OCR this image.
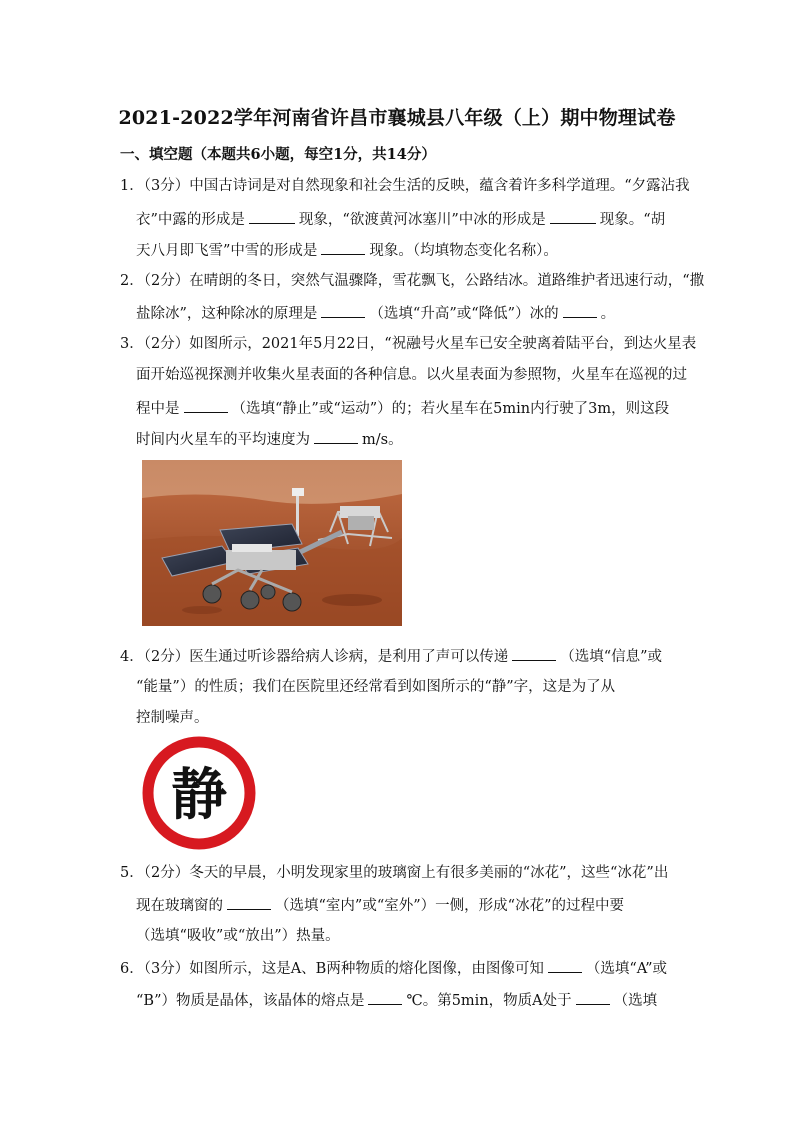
2021-2022学年河南省许昌市襄城县八年级（上）期中物理试卷
一、填空题（本题共6小题，每空1分，共14分）
1．（3分）中国古诗词是对自然现象和社会生活的反映，蕴含着许多科学道理。“夕露沾我
衣”中露的形成是	现象，“欲渡黄河冰塞川”中冰的形成是	现象。“胡
天八月即飞雪”中雪的形成是	现象。（均填物态变化名称）。
2．（2分）在晴朗的冬日，突然气温骤降，雪花飘飞，公路结冰。道路维护者迅速行动，“撒
盐除冰”，这种除冰的原理是	（选填“升高”或“降低”）冰的	。
3．（2分）如图所示，2021年5月22日，“祝融号火星车已安全驶离着陆平台，到达火星表
面开始巡视探测并收集火星表面的各种信息。以火星表面为参照物，火星车在巡视的过
程中是	（选填“静止”或“运动”）的；若火星车在5min内行驶了3m，则这段
时间内火星车的平均速度为	m/s。
4．（2分）医生通过听诊器给病人诊病，是利用了声可以传递	（选填“信息”或
“能量”）的性质；我们在医院里还经常看到如图所示的“静”字，这是为了从
控制噪声。
静
5．（2分）冬天的早晨，小明发现家里的玻璃窗上有很多美丽的“冰花”，这些“冰花”出
现在玻璃窗的	（选填“室内”或“室外”）一侧，形成“冰花”的过程中要
（选填“吸收”或“放出”）热量。
6．（3分）如图所示，这是A、B两种物质的熔化图像，由图像可知	（选填“A”或
“B”）物质是晶体，该晶体的熔点是	℃。第5min，物质A处于	（选填
